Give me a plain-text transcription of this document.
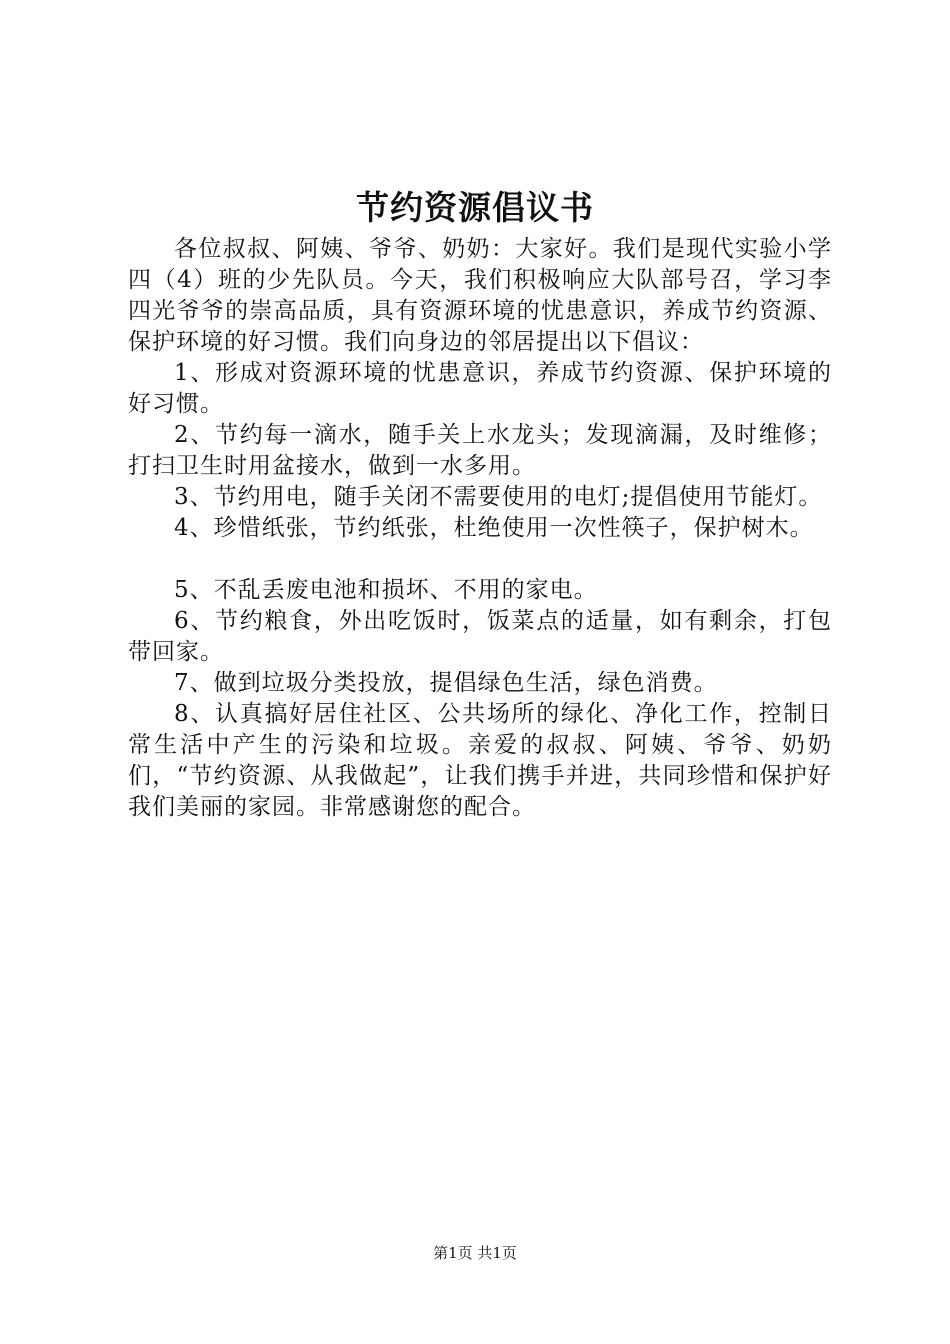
节约资源倡议书

各位叔叔、阿姨、爷爷、奶奶：大家好。我们是现代实验小学四（4）班的少先队员。今天，我们积极响应大队部号召，学习李四光爷爷的崇高品质，具有资源环境的忧患意识，养成节约资源、保护环境的好习惯。我们向身边的邻居提出以下倡议：

1、形成对资源环境的忧患意识，养成节约资源、保护环境的好习惯。

2、节约每一滴水，随手关上水龙头；发现滴漏，及时维修；打扫卫生时用盆接水，做到一水多用。

3、节约用电，随手关闭不需要使用的电灯;提倡使用节能灯。

4、珍惜纸张，节约纸张，杜绝使用一次性筷子，保护树木。

5、不乱丢废电池和损坏、不用的家电。

6、节约粮食，外出吃饭时，饭菜点的适量，如有剩余，打包带回家。

7、做到垃圾分类投放，提倡绿色生活，绿色消费。

8、认真搞好居住社区、公共场所的绿化、净化工作，控制日常生活中产生的污染和垃圾。亲爱的叔叔、阿姨、爷爷、奶奶们，“节约资源、从我做起”，让我们携手并进，共同珍惜和保护好我们美丽的家园。非常感谢您的配合。

第1页 共1页
